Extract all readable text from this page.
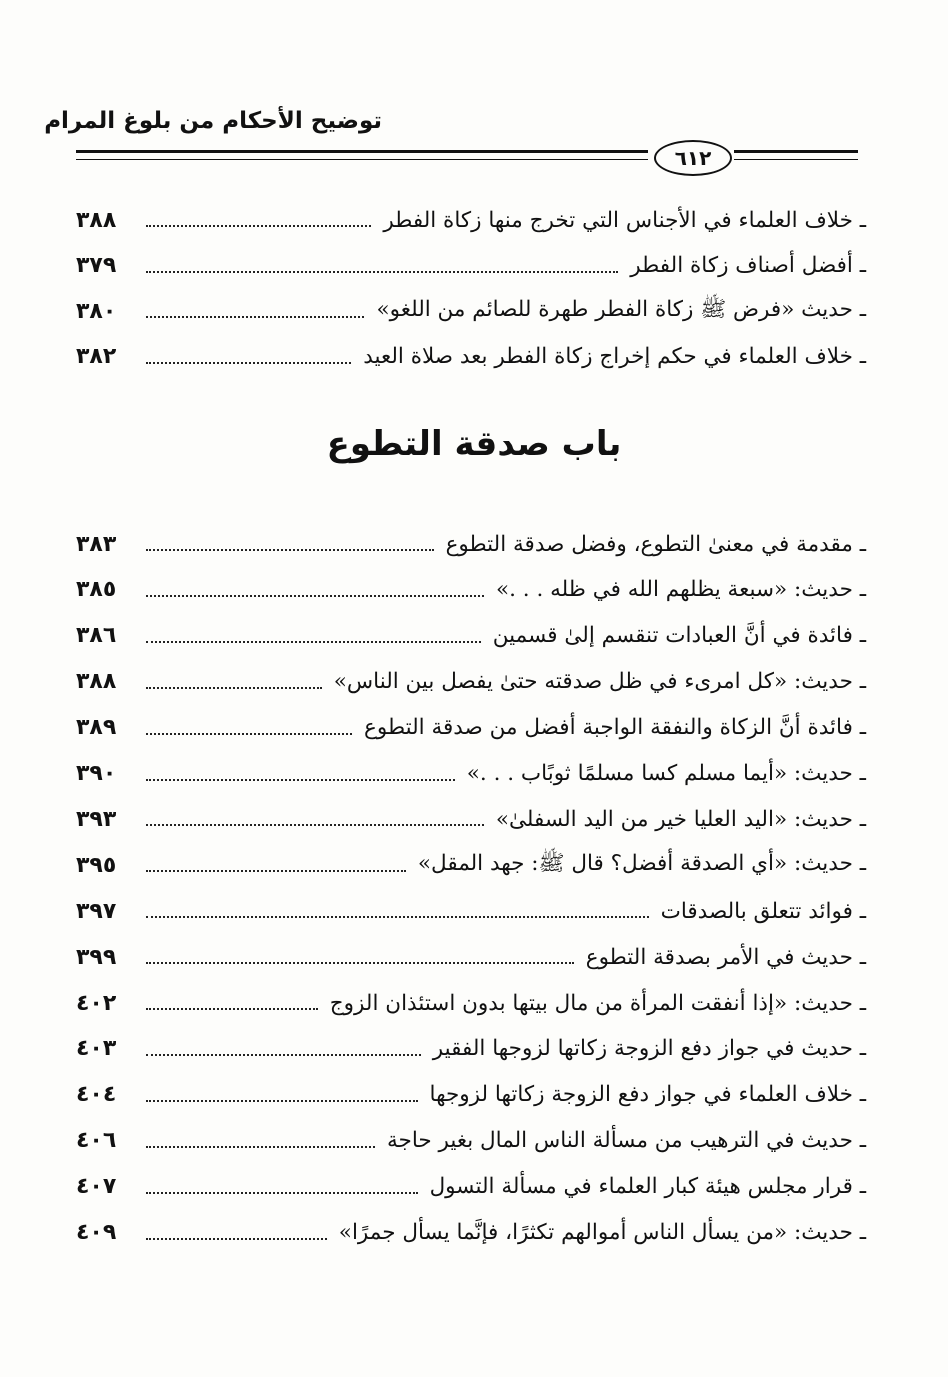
توضيح الأحكام من بلوغ المرام
٦١٢
ـ خلاف العلماء في الأجناس التي تخرج منها زكاة الفطر
٣٨٨
ـ أفضل أصناف زكاة الفطر
٣٧٩
ـ حديث «فرض ﷺ زكاة الفطر طهرة للصائم من اللغو»
٣٨٠
ـ خلاف العلماء في حكم إخراج زكاة الفطر بعد صلاة العيد
٣٨٢
باب صدقة التطوع
ـ مقدمة في معنىٰ التطوع، وفضل صدقة التطوع
٣٨٣
ـ حديث: «سبعة يظلهم الله في ظله . . .»
٣٨٥
ـ فائدة في أنَّ العبادات تنقسم إلىٰ قسمين
٣٨٦
ـ حديث: «كل امرىء في ظل صدقته حتىٰ يفصل بين الناس»
٣٨٨
ـ فائدة أنَّ الزكاة والنفقة الواجبة أفضل من صدقة التطوع
٣٨٩
ـ حديث: «أيما مسلم كسا مسلمًا ثوبًاب . . .»
٣٩٠
ـ حديث: «اليد العليا خير من اليد السفلىٰ»
٣٩٣
ـ حديث: «أي الصدقة أفضل؟ قال ﷺ: جهد المقل»
٣٩٥
ـ فوائد تتعلق بالصدقات
٣٩٧
ـ حديث في الأمر بصدقة التطوع
٣٩٩
ـ حديث: «إذا أنفقت المرأة من مال بيتها بدون استئذان الزوج
٤٠٢
ـ حديث في جواز دفع الزوجة زكاتها لزوجها الفقير
٤٠٣
ـ خلاف العلماء في جواز دفع الزوجة زكاتها لزوجها
٤٠٤
ـ حديث في الترهيب من مسألة الناس المال بغير حاجة
٤٠٦
ـ قرار مجلس هيئة كبار العلماء في مسألة التسول
٤٠٧
ـ حديث: «من يسأل الناس أموالهم تكثرًا، فإنَّما يسأل جمرًا»
٤٠٩
